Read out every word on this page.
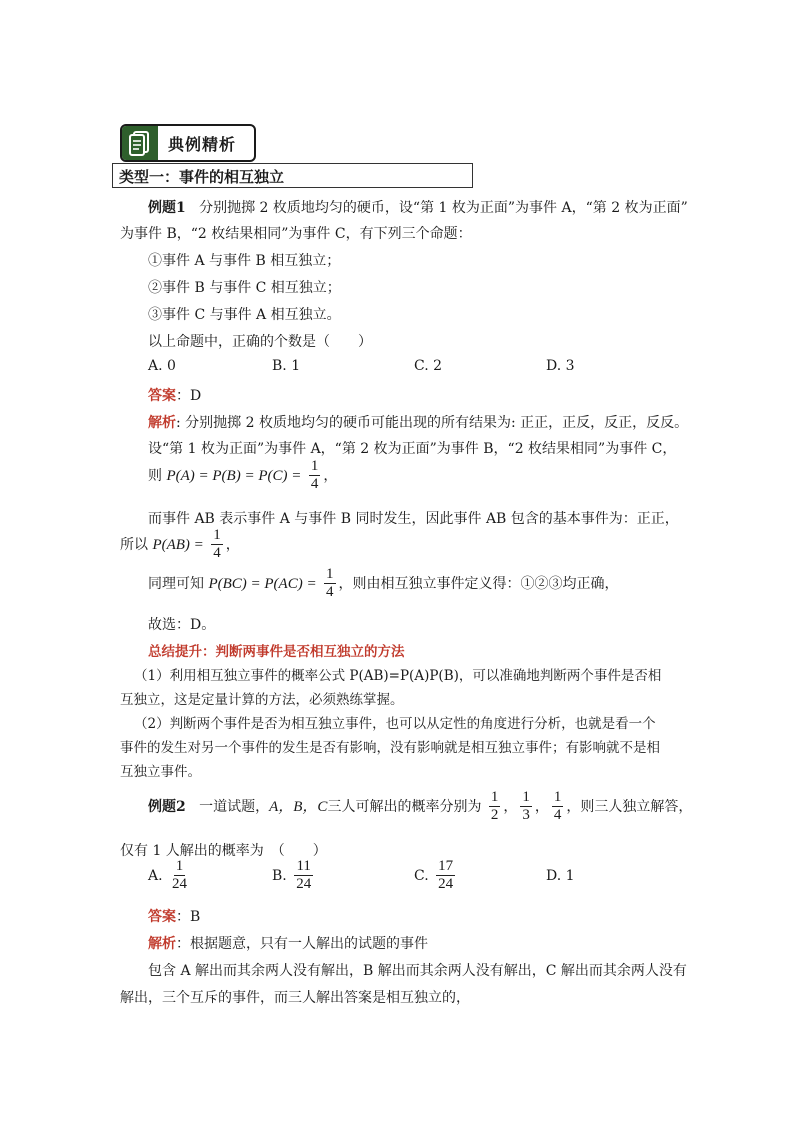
典例精析
类型一：事件的相互独立
例题1 分别抛掷 2 枚质地均匀的硬币，设“第 1 枚为正面”为事件 A，“第 2 枚为正面”
为事件 B，“2 枚结果相同”为事件 C，有下列三个命题：
①事件 A 与事件 B 相互独立；
②事件 B 与事件 C 相互独立；
③事件 C 与事件 A 相互独立。
以上命题中，正确的个数是（　　）
A. 0	B. 1	C. 2	D. 3
答案：D
解析: 分别抛掷 2 枚质地均匀的硬币可能出现的所有结果为: 正正，正反，反正，反反。
设“第 1 枚为正面”为事件 A，“第 2 枚为正面”为事件 B，“2 枚结果相同”为事件 C，
则 $P(A) = P(B) = P(C) = \frac{1}{4}$ ，
而事件 AB 表示事件 A 与事件 B 同时发生，因此事件 AB 包含的基本事件为：正正，
所以 $P(AB) = \frac{1}{4}$ ，
同理可知 $P(BC) = P(AC) = \frac{1}{4}$ ，则由相互独立事件定义得：①②③均正确，
故选：D。
总结提升：判断两事件是否相互独立的方法
（1）利用相互独立事件的概率公式 P(AB)=P(A)P(B)，可以准确地判断两个事件是否相
互独立，这是定量计算的方法，必须熟练掌握。
（2）判断两个事件是否为相互独立事件，也可以从定性的角度进行分析，也就是看一个
事件的发生对另一个事件的发生是否有影响，没有影响就是相互独立事件；有影响就不是相
互独立事件。
例题2 一道试题，A，B，C三人可解出的概率分别为 $\frac{1}{2}$ ， $\frac{1}{3}$ ， $\frac{1}{4}$ ，则三人独立解答，
仅有 1 人解出的概率为　（　　）
A. $\frac{1}{24}$	B. $\frac{11}{24}$	C. $\frac{17}{24}$	D. 1
答案：B
解析：根据题意，只有一人解出的试题的事件
包含 A 解出而其余两人没有解出，B 解出而其余两人没有解出，C 解出而其余两人没有
解出，三个互斥的事件，而三人解出答案是相互独立的，
